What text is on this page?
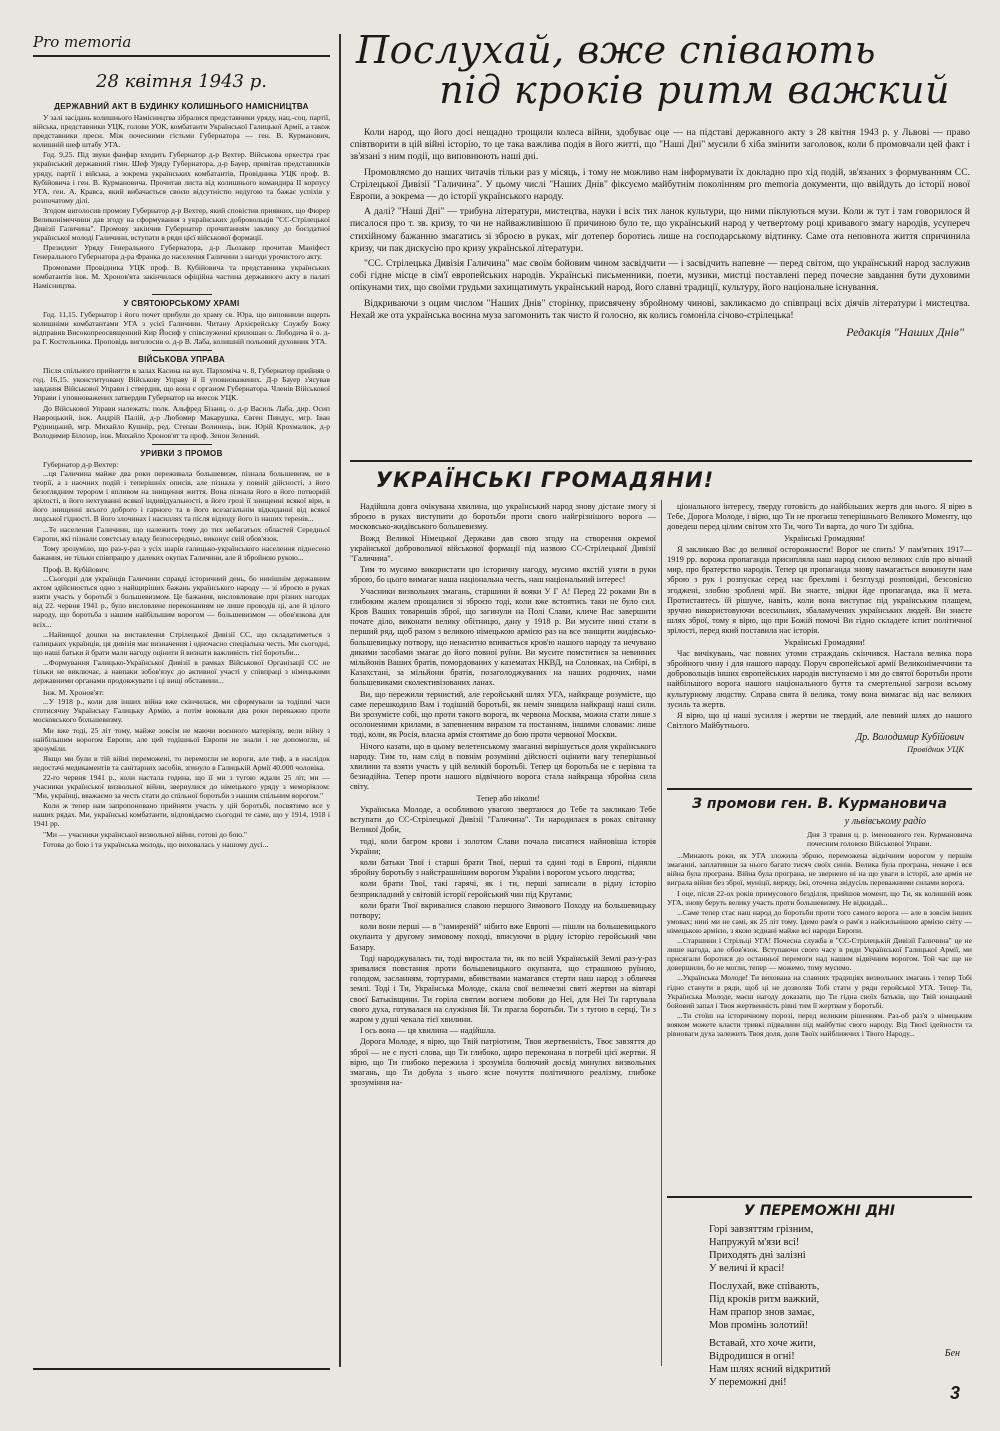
Pro memoria
28 квітня 1943 р.
ДЕРЖАВНИЙ АКТ В БУДИНКУ КОЛИШНЬОГО НАМІСНИЦТВА

У залі засідань колишнього Намісництва зібралися представники уряду, нац.-соц. партії, війська, представники УЦК, голови УОК, комбатанти Української Галицької Армії, а також представники преси. Між почесними гістьми Губернатора — ген. В. Курманович, колишній шеф штабу УГА.

Год. 9,25. Під звуки фанфар входить Губернатор д-р Вехтер. Військова оркестра грає український державний гімн. Шеф Уряду Губернатора, д-р Бауер, привітав представників уряду, партії і війська, а зокрема українських комбатантів, Провідника УЦК проф. В. Кубійовича і ген. В. Курмановича. Прочитав листа від колишнього командира II корпусу УГА, ген. А. Кравса, який вибачається своєю відсутністю недугою та бажає успіхів у розпочатому ділі.

Згодом виголосив промову Губернатор д-р Вехтер, який сповістив приявних, що Фюрер Великонімеччини дав згоду на сформування з українських добровольців "СС-Стрілецької Дивізії Галичина". Промову закінчив Губернатор прочитанням закликy до боєздатної української молоді Галичини, вступати в ряди цієї військової формації.

Президент Уряду Генерального Губернатора, д-р Льозакер прочитав Маніфест Генерального Губернатора д-ра Франка до населення Галичини з нагоди урочистого акту.

Промовами Провідника УЦК проф. В. Кубійовича та представника українських комбатантів інж. М. Хронов'ята закінчилася офіційна частина державного акту в палаті Намісництва.

У СВЯТОЮРСЬКОМУ ХРАМІ

Год. 11,15. Губернатор і його почет прибули до храму св. Юра, що виповнили вщерть колишніми комбатантами УГА з усієї Галичини. Читану Архієрейську Службу Божу відправив Високопреосвященний Кир Йосиф у співслуженні крилошан о. Лободича й о. д-ра Г. Костельника. Проповідь виголосив о. д-р В. Лаба, колишній польовий духовник УГА.

ВІЙСЬКОВА УПРАВА

Після спільного прийняття в залах Касина на вул. Пархоміча ч. 8, Губернатор прийняв о год. 16,15. уконституовану Військову Управу й її уповноважених. Д-р Бауер з'ясував завдання Військової Управи і ствердив, що вона є органом Губернатора. Членів Військової Управи і уповноважених затвердив Губернатор на внесок УЦК.

До Військової Управи належать: полк. Альфред Бізанц, о. д-р Василь Лаба, дир. Осип Навроцький, інж. Андрій Палій, д-р Любомир Макарушка, Євген Пиндус, мгр. Іван Рудницький, мгр. Михайло Кушнір, ред. Степан Волинець, інж. Юрій Крохмалюк, д-р Володимир Білозор, інж. Михайло Хронов'ят та проф. Зенон Зелений.

УРИВКИ З ПРОМОВ
Губернатор д-р Вехтер:

...ця Галичина майже два роки переживала большевизм, пізнала большевизм, не в теорії, а з наочних подій і теперішніх описів, але пізнала у повній дійсності, з його безоглядним терором і впливом на знищення життя. Вона пізнала його в його потворній зрілості, в його нехтуванні всякої індивідуальності, в його грозі її знищенні всякої віри, в його знищенні всього доброго і гарного та в його всезагальнім відкиданні від всякої людської гідності. В його злочинах і насиллях та після відходу його із наших теренів...

...Те населення Галичини, що належить тому до тих небагатьох областей Середньої Європи, які пізнали совєтську владу безпосередньо, виконує свій обов'язок.

Тому зрозуміло, що раз-у-раз з усіх шарів галицько-українського населення піднесено бажання, не тільки співпрацю у далеких окупах Галичини, але й збройною рукою...

Проф. В. Кубійович:

...Сьогодні для українців Галичини справді історичний день, бо нинішнім державним актом здійснюється одно з найщиріших бажань українського народу — зі зброєю в руках взяти участь у боротьбі з большевизмом. Це бажання, висловлюване при різних нагодах від 22. червня 1941 р., було висловлене переконанням не лише проводів ці, але й цілого народу, що боротьба з нашим найбільшим ворогом — большевизмом — обов'язкова для всіх...

...Найвищої дошки на виставлення Стрілецької Дивізії СС, що складатиметься з галицьких українців, ця дивізія має визначення і одночасно спеціальна честь. Ми сьогодні, що наші батьки й брати мали нагоду оцінити й визнати важливість тієї боротьби...

...Формування Галицько-Української Дивізії в рамках Військової Організації СС не тільки не виключає, а навпаки зобов'язує до активної участі у співпраці з німецькими державними органами продовжувати і ці вищі обставини...

Інж. М. Хронов'ят:

...У 1918 р., коли для інших війна вже скінчилася, ми сформували за тодішні часи стотисячну Українську Галицьку Армію, а потім воювали два роки переважно проти московського большевизму.

Ми вже тоді, 25 літ тому, майже зовсім не маючи воєнного матеріялу, вели війну з найбільшим ворогом Европи, але цей тодішньої Европи не знали і не допомогли, ні зрозуміли.

Якщо ми були в тій війні переможені, то перемогли не вороги, але тиф, а в наслідок недостачі медикаментів та санітарних засобів, згинуло в Галицькій Армії 40.000 чоловіка.

22-го червня 1941 р., коли настала година, що її ми з тугою ждали 25 літ, ми — учасники української визвольної війни, звернулися до німецького уряду з меморіялом: "Ми, українці, вважаємо за честь стати до спільної боротьби з нашим спільним ворогом."

Коли ж тепер нам запропоновано прийняти участь у цій боротьбі, посвятимо все у наших рядах. Ми, українські комбатанти, відповідаємо сьогодні те саме, що у 1914, 1918 і 1941 рр.

"Ми — учасники української визвольної війни, готові до бою."

Готова до бою і та українська молодь, що виховалась у нашому дусі...

Послухай, вже співають
під кроків ритм важкий

Коли народ, що його досі нещадно трощили колеса війни, здобуває оце — на підставі державного акту з 28 квітня 1943 р. у Львові — право співтворити в цій війні історію, то це така важлива подія в його житті, що "Наші Дні" мусили б хіба змінити заголовок, коли б промовчали цей факт і зв'язані з ним події, що виповнюють наші дні.

Промовляємо до наших читачів тільки раз у місяць, і тому не можливо нам інформувати їх докладно про хід подій, зв'язаних з формуванням СС. Стрілецької Дивізії "Галичина". У цьому числі "Наших Днів" фіксуємо майбутнім поколінням pro memoria документи, що ввійдуть до історії нової Европи, а зокрема — до історії українського народу.

А далі? "Наші Дні" — трибуна літератури, мистецтва, науки і всіх тих ланок культури, що ними піклуються музи. Коли ж тут і там говорилося й писалося про т. зв. кризу, то чи не найважливішою її причиною було те, що український народ у четвертому році кривавого змагу народів, усупереч стихійному бажанню змагатись зі зброєю в руках, міг дотепер боротись лише на господарському відтинку. Саме ота неповнота життя спричинила кризу, чи пак дискусію про кризу української літератури.

"СС. Стрілецька Дивізія Галичина" має своїм бойовим чином засвідчити — і засвідчить напевне — перед світом, що український народ заслужив собі гідне місце в сім'ї европейських народів. Українські письменники, поети, музики, мистці поставлені перед почесне завдання бути духовими опікунами тих, що своїми грудьми захищатимуть український народ, його славні традиції, культуру, його національне існування.

Відкриваючи з оцим числом "Наших Днів" сторінку, присвячену збройному чинові, закликаємо до співпраці всіх діячів літератури і мистецтва. Нехай же ота українська воєнна муза загомонить так чисто й голосно, як колись гомоніла січово-стрілецька!

Редакція "Наших Днів"
УКРАЇНСЬКІ ГРОМАДЯНИ!

Надійшла довга очікувана хвилина, що український народ знову дістане змогу зі зброєю в руках виступити до боротьби проти свого найгрізнішого ворога — московсько-жидівського большевизму.

Вожд Великої Німецької Держави дав свою згоду на створення окремої української добровольчої військової формації під назвою СС-Стрілецької Дивізії "Галичина".

Тим то мусимо використати цю історичну нагоду, мусимо якстій узяти в руки зброю, бо цього вимагає наша національна честь, наш національний інтерес!

Учасники визвольних змагань, старшини й вояки У Г А! Перед 22 роками Ви в глибоким жалем прощалися зі зброєю тоді, коли вже встоятись таки не було сил. Кров Ваших товаришів зброї, що загинули на Полі Слави, кличе Вас завершити почате діло, виконати велику обітницю, дану у 1918 р. Ви мусите нині стати в перший ряд, щоб разом з великою німецькою армією раз на все знищити жидівсько-большевицьку потвору, що ненаситно впивається кров'ю нашого народу та нечувано дикими засобами змагає до його повної руїни. Ви мусите помститися за невинних мільйонів Ваших братів, помордованих у казематах НКВД, на Соловках, на Сибірі, в Казахстані, за мільйони братів, позаголоджуваних на наших родючих, нами большевиками сколективізованих ланах.

Ви, що пережили тернистий, але геройський шлях УГА, найкраще розумієте, що саме перешкодило Вам і тодішній боротьбі, як неміч знищила найкращі наші сили. Ви зрозумієте собі, що проти такого ворога, як червона Москва, можна стати лише з осолоненими крилами, в запевненим виразом та постанням, іншими словами: лише тоді, коли, як Росія, власна армія стоятиме до бою проти червоної Москви.

Нічого казати, що в цьому велетенському змаганні вирішується доля українського народу. Тим то, нам слід в повнім розумінні дійсності оцінити вагу теперішньої хвилини та взяти участь у цій великій боротьбі. Тепер ця боротьба не є нерівна та безнадійна. Тепер проти нашого відвічного ворога стала найкраща збройна сила світу.

Тепер або ніколи!

Українська Молоде, а особливою увагою звертаюся до Тебе та закликаю Тебе вступати до СС-Стрілецької Дивізії "Галичина". Ти народилася в роках світанку Великої Доби,

тоді, коли багром крови і золотом Слави почала писатися найновіша історія України;

коли батьки Твої і старші брати Твої, перші та єдині тоді в Европі, підняли збройну боротьбу з найстрашнішим ворогом України і ворогом усього людства;

коли брати Твої, такі гарячі, як і ти, перші записали в рідну історію безприкладний у світовій історії геройський чин під Крутами;

коли брати Твої вкривалися славою першого Зимового Походу на большевицьку потвору;

коли вони перші — в "замиреній" нібито вже Европі — пішли на большевицького окупанта у другому зимовому поході, вписуючи в рідну історію геройський чин Базару.

Тоді народжувалась ти, тоді виростала ти, як по всій Українській Землі раз-у-раз зривалися повстання проти большевицького окупанта, що страшною руїною, голодом, засланням, тортурами, вбивствами намагався стерти наш народ з обличчя землі. Тоді і Ти, Українська Молоде, скала свої величезні святі жертви на вівтарі своєї Батьківщини. Ти горіла святим вогнем любови до Неї, для Неї Ти гартувала свого духа, готувалася на служіння Їй. Ти прагла боротьби. Ти з тугою в серці, Ти з жаром у душі чекала тієї хвилини.

І ось вона — ця хвилина — надійшла.

Дорога Молоде, я вірю, що Твій патріотизм, Твоя жертвенність, Твоє завзяття до зброї — не є пусті слова, що Ти глибоко, щиро переконана в потребі цієї жертви. Я вірю, що Ти глибоко пережила і зрозуміла болючий досвід минулих визвольних змагань, що Ти добула з нього ясне почуття політичного реалізму, глибоке зрозуміння на-

ціонального інтересу, тверду готовість до найбільших жертв для нього. Я вірю в Тебе, Дорога Молоде, і вірю, що Ти не прогаєш теперішнього Великого Моменту, що доведеш перед цілим світом хто Ти, чого Ти варта, до чого Ти здібна.

Українські Громадяни!

Я закликаю Вас до великої осторожности! Ворог не спить! У пам'ятних 1917—1919 рр. ворожа пропаганда присипляла наш народ силою великих слів про вічний мир, про братерство народів. Тепер ця пропаганда знову намагається викинути нам зброю з рук і розпускає серед нас брехливі і безглузді розповідні, безсовісно згоджені, злобно зроблені мрії. Ви знаєте, звідки йде пропаганда, яка її мета. Протиставтесь їй рішуче, навіть, коли вона виступає під українським плащем, зручно використовуючи всесильних, збаламучених українських людей. Ви знаєте шлях зброї, тому я вірю, що при Божій помочі Ви гідно складете іспит політичної зрілості, перед який поставила нас історія.

Українські Громадяни!

Час вичікувань, час повних утоми страждань скінчився. Настала велика пора збройного чину і для нашого народу. Поруч європейської армії Великонімеччини та добровольців інших європейських народів виступаємо і ми до святої боротьби проти найбільшого ворога нашого національного буття та смертельної загрози всьому культурному людству. Справа свята й велика, тому вона вимагає від нас великих зусиль та жертв.

Я вірю, що ці наші зусилля і жертви не твердий, але певний шлях до нашого Світлого Майбутнього.

Др. Володимир Кубійович
Провідник УЦК
З промови ген. В. Курмановича
у львівському радіо
Дня 3 травня ц. р. іменованого ген. Курмановича почесним головою Військової Управи.

...Минають роки, як УГА зложила зброю, переможена відвічним ворогом у першім змаганні, заплативши за нього багато тисяч своїх синів. Велика була програна, неначе і вся війна була програна. Війна була програна, не звернено ні на що уваги в історії, але армія не виграла війни без зброї, муніції, виряду, їжі, оточена звідусіль переважними силами ворога.

І оце, після 22-ох років примусового безділля, прийшов момент, що Ти, як колишній вояк УГА, знову беруть велику участь проти большевизму. Не відкидай...

...Саме тепер стає наш народ до боротьби проти того самого ворога — але в зовсім інших умовах; нині ми не самі, як 25 літ тому. Ідемо рам'я о рам'я з найсильнішою армією світу — німецькою армією, з якою зєднані майже всі народи Европи.

...Старшини і Стрільці УГА! Почесна служба в "СС-Стрілецькій Дивізії Галичина" це не лише нагода, але обов'язок. Вступаючи свого часу в ряди Української Галицької Армії, ми присягали боротися до останньої перемоги над нашим відвічним ворогом. Той час ще не довершили, бо не могли, тепер — можемо, тому мусимо.

...Українська Молоде! Ти вихована на славних традиціях визвольних змагань і тепер Тобі гідно станути в ряди, щоб ці не дозволяв Тобі стати у ряди геройської УГА. Тепер Ти, Українська Молоде, маєш нагоду доказати, що Ти гідна своїх батьків, що Твій юнацький бойовий запал і Твоя жертвенність рівні тим її жертвам у боротьбі.

...Ти стоїш на історичному порозі, перед великим рішенням. Раз-об раз'я з німецьким вояком можете класти тривкі підвалини під майбутнє свого народу. Від Твоєї ідейности та рівноваги духа залежить Твоя доля, доля Твоїх найближчих і Твого Народу...

У ПЕРЕМОЖНІ ДНІ
Горі завзяттям грізним,
Напружуй м'язи всі!
Приходять дні залізні
У величі й красі!
Послухай, вже співають,
Під кроків ритм важкий,
Нам прапор знов замає,
Мов промінь золотий!
Вставай, хто хоче жити,
Відродишся в огні!
Нам шлях ясний відкритий
У переможні дні!
Бен
3
